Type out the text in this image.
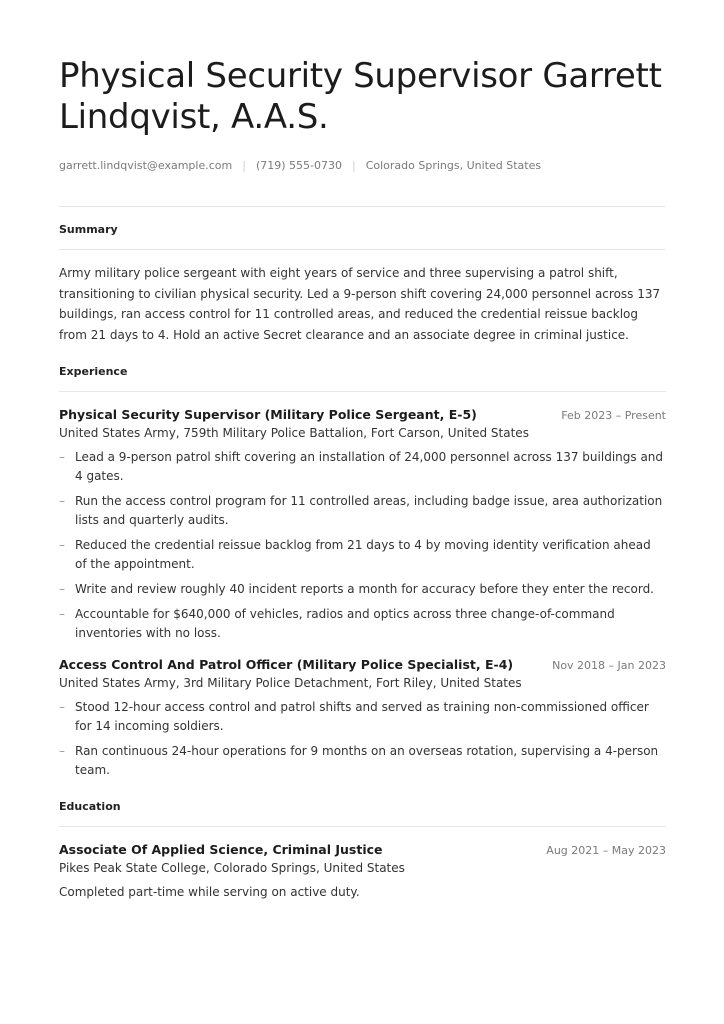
Physical Security Supervisor Garrett Lindqvist, A.A.S.
garrett.lindqvist@example.com | (719) 555-0730 | Colorado Springs, United States
Summary

Army military police sergeant with eight years of service and three supervising a patrol shift, transitioning to civilian physical security. Led a 9-person shift covering 24,000 personnel across 137 buildings, ran access control for 11 controlled areas, and reduced the credential reissue backlog from 21 days to 4. Hold an active Secret clearance and an associate degree in criminal justice.

Experience
Physical Security Supervisor (Military Police Sergeant, E-5)	Feb 2023 – Present
United States Army, 759th Military Police Battalion, Fort Carson, United States
– Lead a 9-person patrol shift covering an installation of 24,000 personnel across 137 buildings and 4 gates.
– Run the access control program for 11 controlled areas, including badge issue, area authorization lists and quarterly audits.
– Reduced the credential reissue backlog from 21 days to 4 by moving identity verification ahead of the appointment.
– Write and review roughly 40 incident reports a month for accuracy before they enter the record.
– Accountable for $640,000 of vehicles, radios and optics across three change-of-command inventories with no loss.
Access Control And Patrol Officer (Military Police Specialist, E-4)	Nov 2018 – Jan 2023
United States Army, 3rd Military Police Detachment, Fort Riley, United States
– Stood 12-hour access control and patrol shifts and served as training non-commissioned officer for 14 incoming soldiers.
– Ran continuous 24-hour operations for 9 months on an overseas rotation, supervising a 4-person team.
Education
Associate Of Applied Science, Criminal Justice	Aug 2021 – May 2023
Pikes Peak State College, Colorado Springs, United States
Completed part-time while serving on active duty.
